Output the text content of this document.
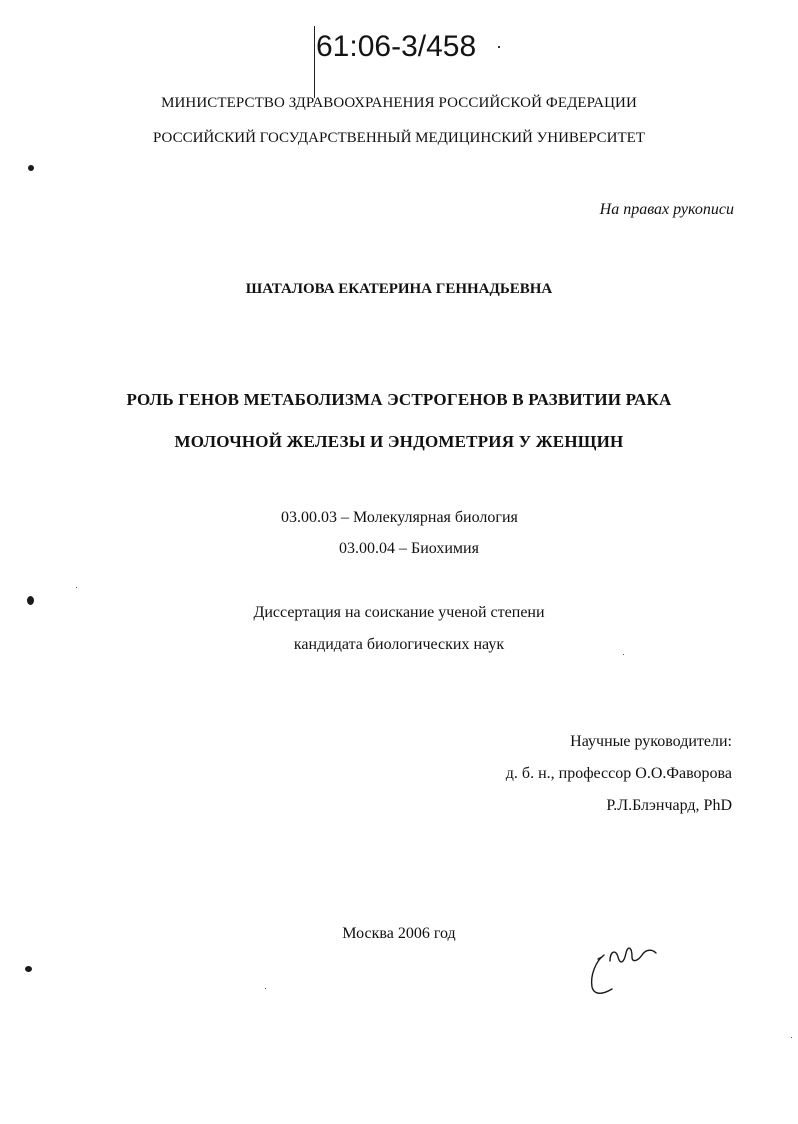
61:06-3/458
МИНИСТЕРСТВО ЗДРАВООХРАНЕНИЯ РОССИЙСКОЙ ФЕДЕРАЦИИ
РОССИЙСКИЙ ГОСУДАРСТВЕННЫЙ МЕДИЦИНСКИЙ УНИВЕРСИТЕТ
На правах рукописи
ШАТАЛОВА ЕКАТЕРИНА ГЕННАДЬЕВНА
РОЛЬ ГЕНОВ МЕТАБОЛИЗМА ЭСТРОГЕНОВ В РАЗВИТИИ РАКА
МОЛОЧНОЙ ЖЕЛЕЗЫ И ЭНДОМЕТРИЯ У ЖЕНЩИН
03.00.03 – Молекулярная биология
03.00.04 – Биохимия
Диссертация на соискание ученой степени
кандидата биологических наук
Научные руководители:
д. б. н., профессор О.О.Фаворова
Р.Л.Блэнчард, PhD
Москва 2006 год
